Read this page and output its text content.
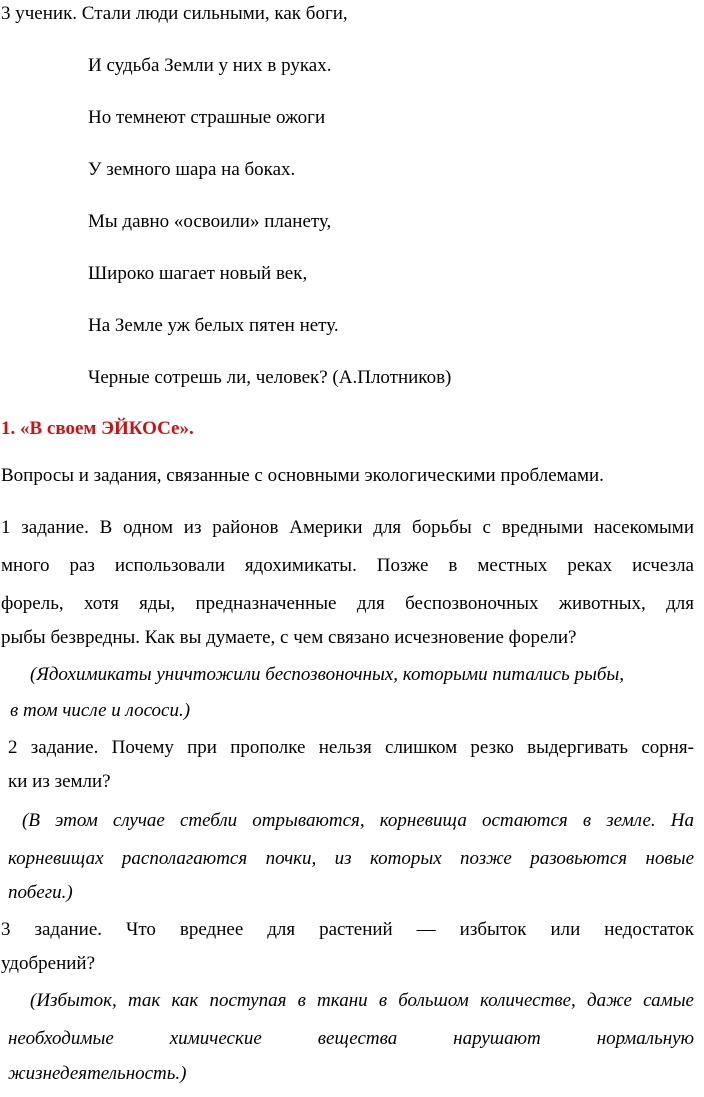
3 ученик. Стали люди сильными, как боги,
И судьба Земли у них в руках.
Но темнеют страшные ожоги
У земного шара на боках.
Мы давно «освоили» планету,
Широко шагает новый век,
На Земле уж белых пятен нету.
Черные сотрешь ли, человек? (А.Плотников)
1. «В своем ЭЙКОСе».
Вопросы и задания, связанные с основными экологическими проблемами.
1 задание. В одном из районов Америки для борьбы с вредными насекомыми
много раз использовали ядохимикаты. Позже в местных реках исчезла
форель, хотя яды, предназначенные для беспозвоночных животных, для
рыбы безвредны. Как вы думаете, с чем связано исчезновение форели?
(Ядохимикаты уничтожили беспозвоночных, которыми питались рыбы,
в том числе и лососи.)
2 задание. Почему при прополке нельзя слишком резко выдергивать сорня-
ки из земли?
(В этом случае стебли отрываются, корневища остаются в земле. На
корневищах располагаются почки, из которых позже разовьются новые
побеги.)
3 задание. Что вреднее для растений — избыток или недостаток
удобрений?
(Избыток, так как поступая в ткани в большом количестве, даже самые
необходимые химические вещества нарушают нормальную
жизнедеятельность.)
